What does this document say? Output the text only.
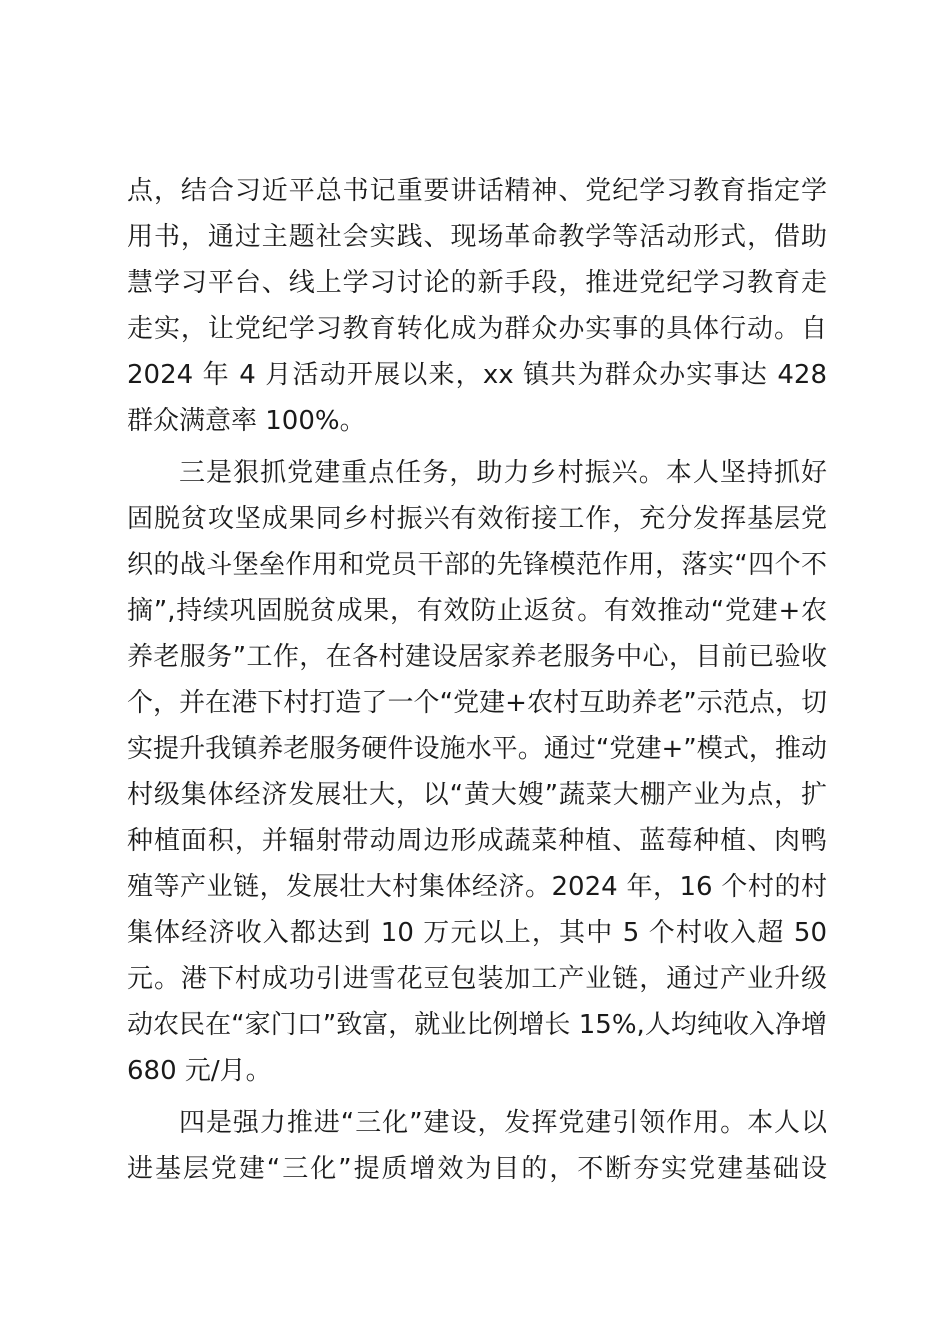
点，结合习近平总书记重要讲话精神、党纪学习教育指定学
用书，通过主题社会实践、现场革命教学等活动形式，借助
慧学习平台、线上学习讨论的新手段，推进党纪学习教育走
走实，让党纪学习教育转化成为群众办实事的具体行动。自
2024 年 4 月活动开展以来，xx 镇共为群众办实事达 428
群众满意率 100%。
三是狠抓党建重点任务，助力乡村振兴。本人坚持抓好
固脱贫攻坚成果同乡村振兴有效衔接工作，充分发挥基层党
织的战斗堡垒作用和党员干部的先锋模范作用，落实“四个不
摘”,持续巩固脱贫成果，有效防止返贫。有效推动“党建+农
养老服务”工作，在各村建设居家养老服务中心，目前已验收
个，并在港下村打造了一个“党建+农村互助养老”示范点，切
实提升我镇养老服务硬件设施水平。通过“党建+”模式，推动
村级集体经济发展壮大，以“黄大嫂”蔬菜大棚产业为点，扩
种植面积，并辐射带动周边形成蔬菜种植、蓝莓种植、肉鸭
殖等产业链，发展壮大村集体经济。2024 年，16 个村的村
集体经济收入都达到 10 万元以上，其中 5 个村收入超 50
元。港下村成功引进雪花豆包装加工产业链，通过产业升级
动农民在“家门口”致富，就业比例增长 15%,人均纯收入净增
680 元/月。
四是强力推进“三化”建设，发挥党建引领作用。本人以
进基层党建“三化”提质增效为目的，不断夯实党建基础设
